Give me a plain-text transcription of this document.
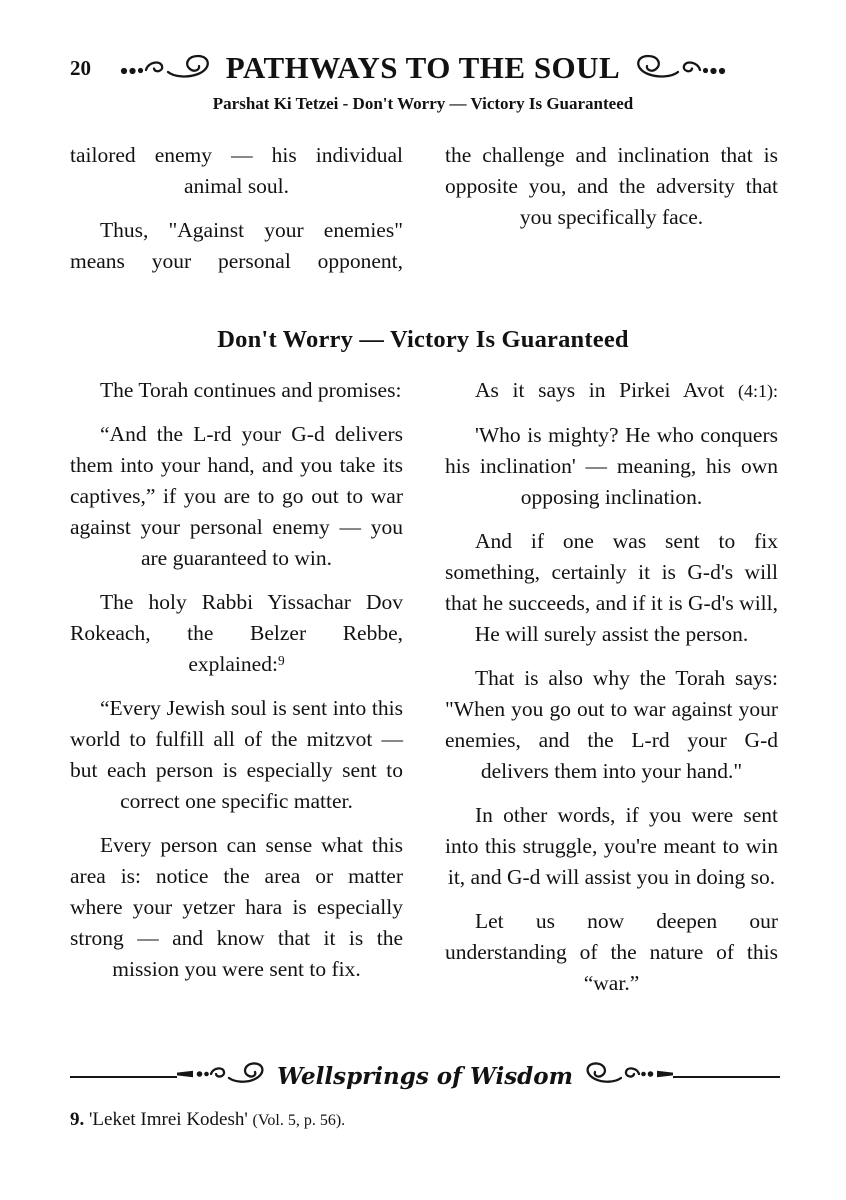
20	PATHWAYS TO THE SOUL
Parshat Ki Tetzei - Don't Worry — Victory Is Guaranteed

tailored enemy — his individual animal soul.

Thus, "Against your enemies" means your personal opponent,

the challenge and inclination that is opposite you, and the adversity that you specifically face.

Don't Worry — Victory Is Guaranteed

The Torah continues and promises:

“And the L-rd your G-d delivers them into your hand, and you take its captives,” if you are to go out to war against your personal enemy — you are guaranteed to win.

The holy Rabbi Yissachar Dov Rokeach, the Belzer Rebbe, explained:$^9$

“Every Jewish soul is sent into this world to fulfill all of the mitzvot — but each person is especially sent to correct one specific matter.

Every person can sense what this area is: notice the area or matter where your yetzer hara is especially strong — and know that it is the mission you were sent to fix.

As it says in Pirkei Avot (4:1):

'Who is mighty? He who conquers his inclination' — meaning, his own opposing inclination.

And if one was sent to fix something, certainly it is G-d's will that he succeeds, and if it is G-d's will, He will surely assist the person.

That is also why the Torah says: "When you go out to war against your enemies, and the L-rd your G-d delivers them into your hand."

In other words, if you were sent into this struggle, you're meant to win it, and G-d will assist you in doing so.

Let us now deepen our understanding of the nature of this “war.”

Wellsprings of Wisdom

9. 'Leket Imrei Kodesh' (Vol. 5, p. 56).
